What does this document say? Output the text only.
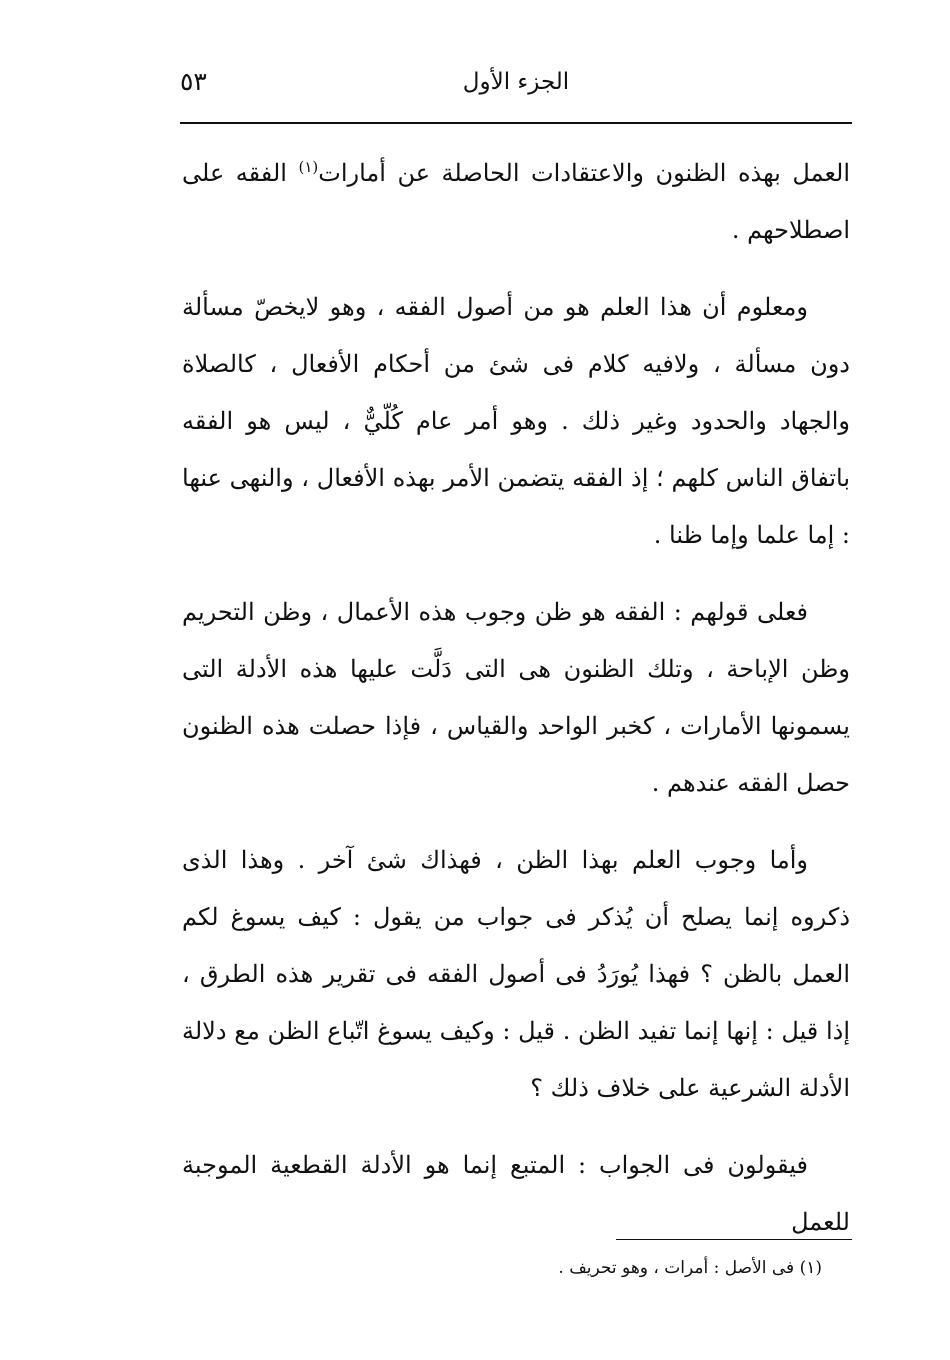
٥٣	الجزء الأول

العمل بهذه الظنون والاعتقادات الحاصلة عن أمارات$^{(١)}$ الفقه على اصطلاحهم .

ومعلوم أن هذا العلم هو من أصول الفقه ، وهو لايخصّ مسألة دون مسألة ، ولافيه كلام فى شئ من أحكام الأفعال ، كالصلاة والجهاد والحدود وغير ذلك . وهو أمر عام كُلّيٌّ ، ليس هو الفقه باتفاق الناس كلهم ؛ إذ الفقه يتضمن الأمر بهذه الأفعال ، والنهى عنها : إما علما وإما ظنا .

فعلى قولهم : الفقه هو ظن وجوب هذه الأعمال ، وظن التحريم وظن الإباحة ، وتلك الظنون هى التى دَلَّت عليها هذه الأدلة التى يسمونها الأمارات ، كخبر الواحد والقياس ، فإذا حصلت هذه الظنون حصل الفقه عندهم .

وأما وجوب العلم بهذا الظن ، فهذاك شئ آخر . وهذا الذى ذكروه إنما يصلح أن يُذكر فى جواب من يقول : كيف يسوغ لكم العمل بالظن ؟ فهذا يُورَدُ فى أصول الفقه فى تقرير هذه الطرق ، إذا قيل : إنها إنما تفيد الظن . قيل : وكيف يسوغ اتّباع الظن مع دلالة الأدلة الشرعية على خلاف ذلك ؟

فيقولون فى الجواب : المتبع إنما هو الأدلة القطعية الموجبة للعمل

(١) فى الأصل : أمرات ، وهو تحريف .
